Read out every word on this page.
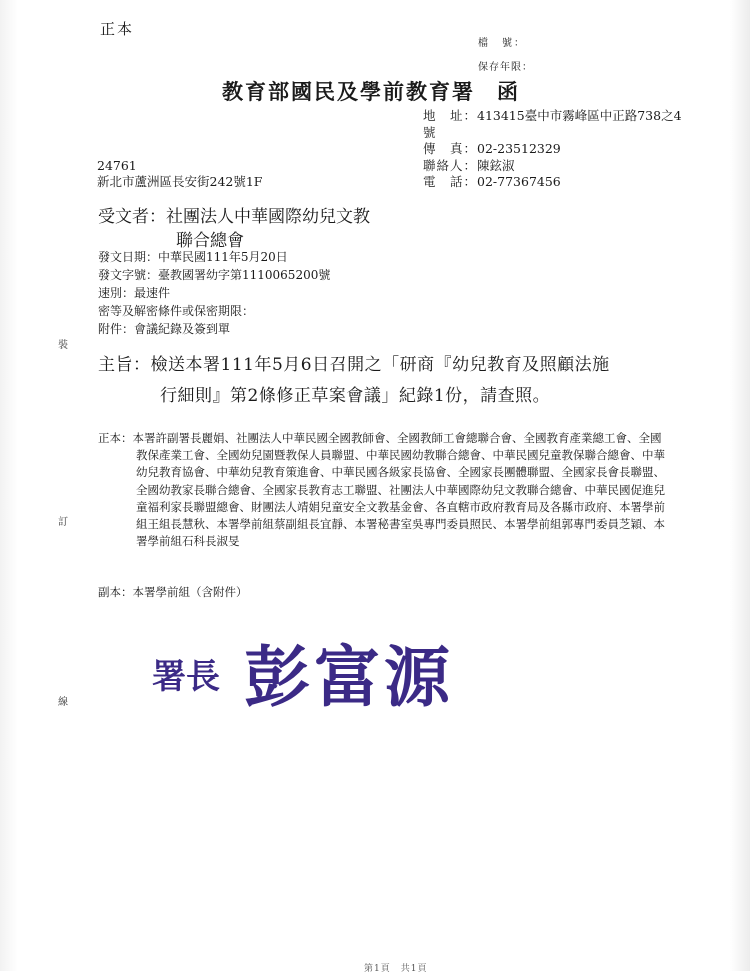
正本
檔　號：
保存年限：
教育部國民及學前教育署 函
地　址： 413415臺中市霧峰區中正路738之4
號
傳　真： 02-23512329
聯絡人： 陳鉉淑
電　話： 02-77367456
24761
新北市蘆洲區長安街242號1F
受文者：社團法人中華國際幼兒文教
聯合總會
發文日期：中華民國111年5月20日
發文字號：臺教國署幼字第1110065200號
速別：最速件
密等及解密條件或保密期限：
附件：會議紀錄及簽到單
主旨：檢送本署111年5月6日召開之「研商『幼兒教育及照顧法施
行細則』第2條修正草案會議」紀錄1份，請查照。
正本：本署許副署長麗娟、社團法人中華民國全國教師會、全國教師工會總聯合會、全國教育產業總工會、全國教保產業工會、全國幼兒園暨教保人員聯盟、中華民國幼教聯合總會、中華民國兒童教保聯合總會、中華幼兒教育協會、中華幼兒教育策進會、中華民國各級家長協會、全國家長團體聯盟、全國家長會長聯盟、全國幼教家長聯合總會、全國家長教育志工聯盟、社團法人中華國際幼兒文教聯合總會、中華民國促進兒童福利家長聯盟總會、財團法人靖娟兒童安全文教基金會、各直轄市政府教育局及各縣市政府、本署學前組王組長慧秋、本署學前組蔡副組長宜靜、本署秘書室吳專門委員照民、本署學前組郭專門委員芝穎、本署學前組石科長淑旻
副本：本署學前組（含附件）
署長 彭富源
裝
訂
線
第1頁　共1頁
